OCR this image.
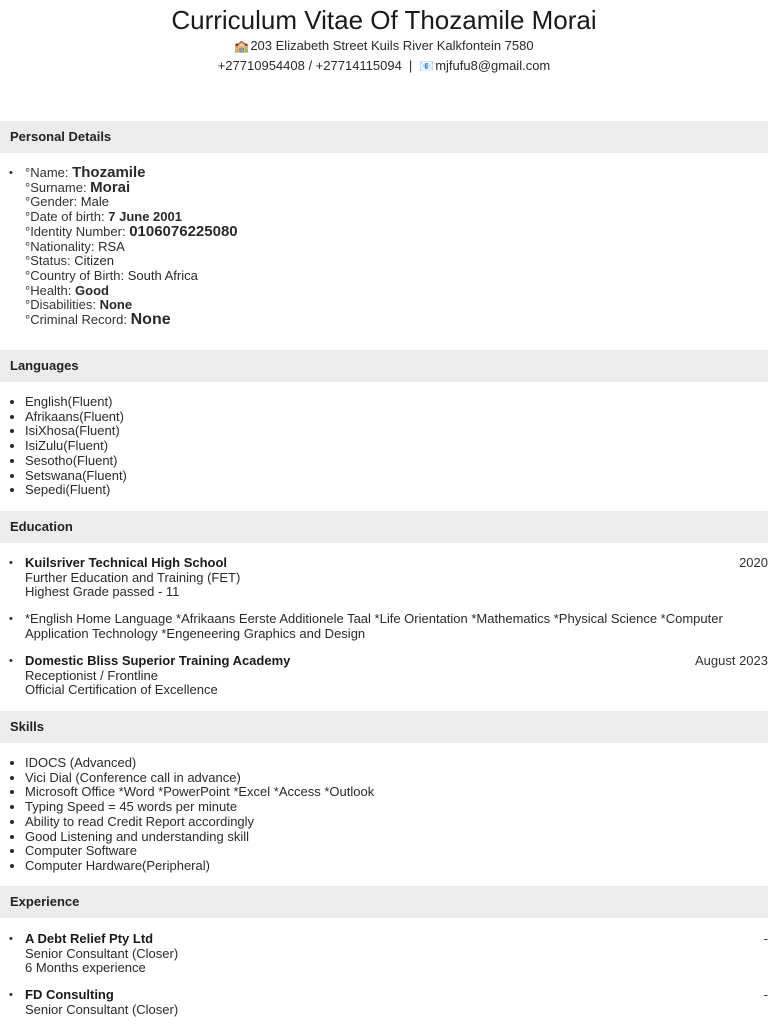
Curriculum Vitae Of Thozamile Morai
🏫203 Elizabeth Street Kuils River Kalkfontein 7580
+27710954408 / +27714115094 | 📧mjfufu8@gmail.com
Personal Details
• °Name: Thozamile
°Surname: Morai
°Gender: Male
°Date of birth: 7 June 2001
°Identity Number: 0106076225080
°Nationality: RSA
°Status: Citizen
°Country of Birth: South Africa
°Health: Good
°Disabilities: None
°Criminal Record: None
Languages
• English(Fluent)
• Afrikaans(Fluent)
• IsiXhosa(Fluent)
• IsiZulu(Fluent)
• Sesotho(Fluent)
• Setswana(Fluent)
• Sepedi(Fluent)
Education
• Kuilsriver Technical High School
Further Education and Training (FET)
Highest Grade passed - 11
2020
• *English Home Language *Afrikaans Eerste Additionele Taal *Life Orientation *Mathematics *Physical Science *Computer Application Technology *Engeneering Graphics and Design
• Domestic Bliss Superior Training Academy
Receptionist / Frontline
Official Certification of Excellence
August 2023
Skills
• IDOCS (Advanced)
• Vici Dial (Conference call in advance)
• Microsoft Office *Word *PowerPoint *Excel *Access *Outlook
• Typing Speed = 45 words per minute
• Ability to read Credit Report accordingly
• Good Listening and understanding skill
• Computer Software
• Computer Hardware(Peripheral)
Experience
• A Debt Relief Pty Ltd
Senior Consultant (Closer)
6 Months experience
-
• FD Consulting
Senior Consultant (Closer)
-
